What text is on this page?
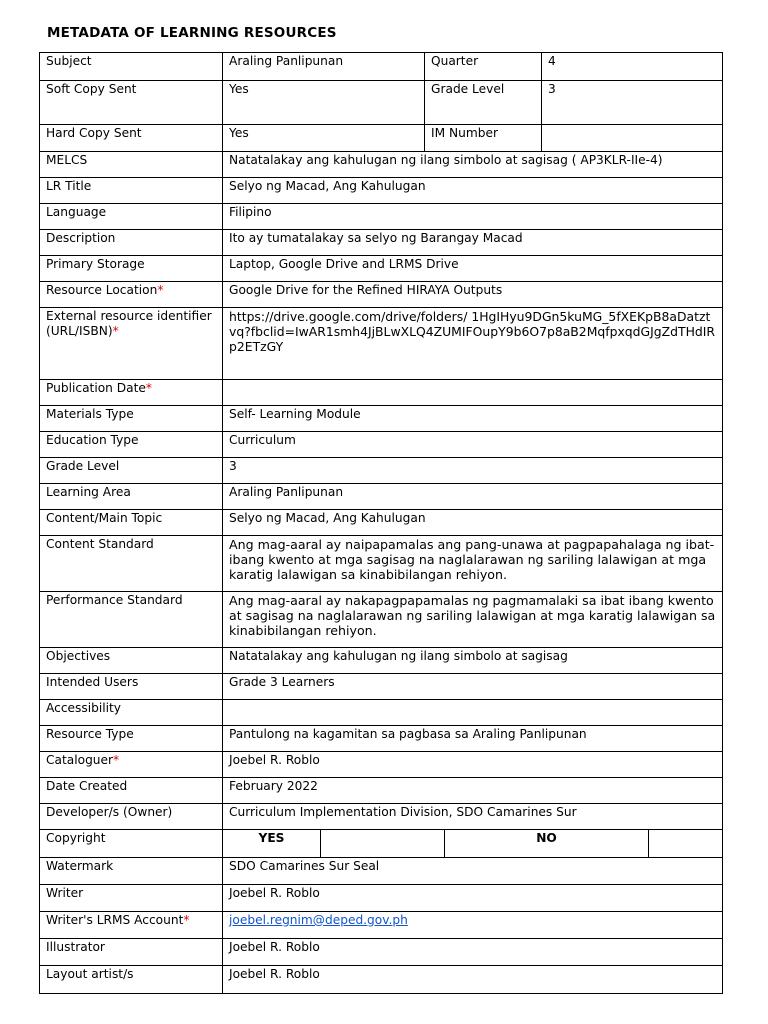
METADATA OF LEARNING RESOURCES
Subject	Araling Panlipunan		Quarter		4	
Soft Copy Sent	Yes		Grade Level		3	
Hard Copy Sent	Yes		IM Number			
MELCS	Natatalakay ang kahulugan ng ilang simbolo at sagisag ( AP3KLR-IIe-4)					
LR Title	Selyo ng Macad, Ang Kahulugan					
Language	Filipino					
Description	Ito ay tumatalakay sa selyo ng Barangay Macad					
Primary Storage	Laptop, Google Drive and LRMS Drive					
Resource Location*	Google Drive for the Refined HIRAYA Outputs					
External resource identifier (URL/ISBN)*	https://drive.google.com/drive/folders/ 1HgIHyu9DGn5kuMG_5fXEKpB8aDatztvq?fbclid=IwAR1smh4JjBLwXLQ4ZUMIFOupY9b6O7p8aB2MqfpxqdGJgZdTHdIRp2ETzGY					
Publication Date*						
Materials Type	Self- Learning Module					
Education Type	Curriculum					
Grade Level	3					
Learning Area	Araling Panlipunan					
Content/Main Topic	Selyo ng Macad, Ang Kahulugan					
Content Standard	Ang mag-aaral ay naipapamalas ang pang-unawa at pagpapahalaga ng ibat-ibang kwento at mga sagisag na naglalarawan ng sariling lalawigan at mga karatig lalawigan sa kinabibilangan rehiyon.					
Performance Standard	Ang mag-aaral ay nakapagpapamalas ng pagmamalaki sa ibat ibang kwento at sagisag na naglalarawan ng sariling lalawigan at mga karatig lalawigan sa kinabibilangan rehiyon.					
Objectives	Natatalakay ang kahulugan ng ilang simbolo at sagisag					
Intended Users	Grade 3 Learners					
Accessibility						
Resource Type	Pantulong na kagamitan sa pagbasa sa Araling Panlipunan					
Cataloguer*	Joebel R. Roblo					
Date Created	February 2022					
Developer/s (Owner)	Curriculum Implementation Division, SDO Camarines Sur					
Copyright	YES			NO		
Watermark	SDO Camarines Sur Seal					
Writer	Joebel R. Roblo					
Writer's LRMS Account*	joebel.regnim@deped.gov.ph					
Illustrator	Joebel R. Roblo					
Layout artist/s	Joebel R. Roblo					
